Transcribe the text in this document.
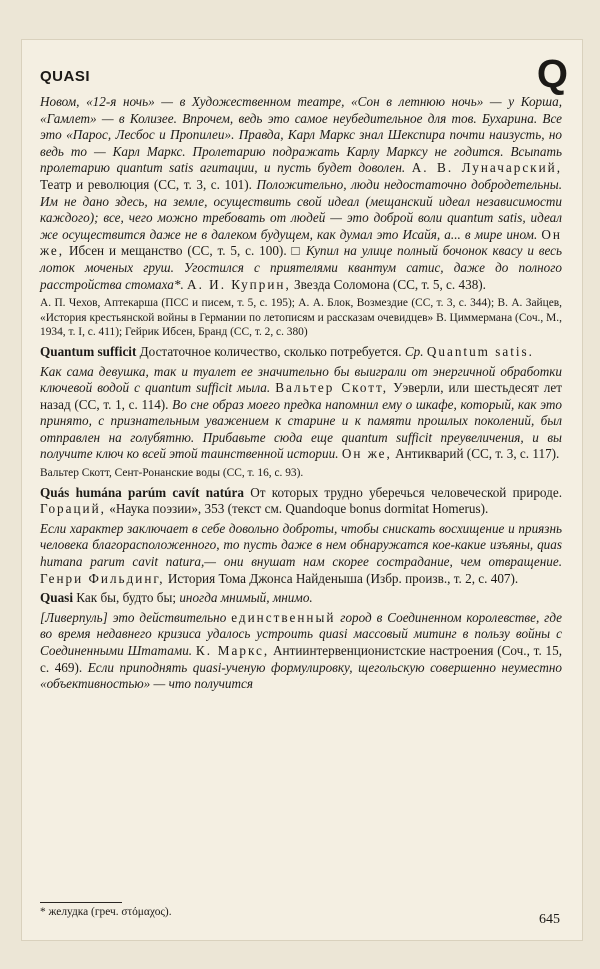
QUASI	Q

Новом, «12-я ночь» — в Художественном театре, «Сон в летнюю ночь» — у Корша, «Гамлет» — в Колизее. Впрочем, ведь это самое неубедительное для тов. Бухарина. Все это «Парос, Лесбос и Пропилеи». Правда, Карл Маркс знал Шекспира почти наизусть, но ведь то — Карл Маркс. Пролетарию подражать Карлу Марксу не годится. Всыпать пролетарию quantum satis агитации, и пусть будет доволен. А. В. Луначарский, Театр и революция (СС, т. 3, с. 101). Положительно, люди недостаточно добродетельны. Им не дано здесь, на земле, осуществить свой идеал (мещанский идеал независимости каждого); все, чего можно требовать от людей — это доброй воли quantum satis, идеал же осуществится даже не в далеком будущем, как думал это Исайя, а... в мире ином. Он же, Ибсен и мещанство (СС, т. 5, с. 100). □ Купил на улице полный бочонок квасу и весь лоток моченых груш. Угостился с приятелями квантум сатис, даже до полного расстройства стомаха*. А. И. Куприн, Звезда Соломона (СС, т. 5, с. 438).

А. П. Чехов, Аптекарша (ПСС и писем, т. 5, с. 195); А. А. Блок, Возмездие (СС, т. 3, с. 344); В. А. Зайцев, «История крестьянской войны в Германии по летописям и рассказам очевидцев» В. Циммермана (Соч., М., 1934, т. I, с. 411); Гейрик Ибсен, Бранд (СС, т. 2, с. 380)

Quantum sufficit Достаточное количество, сколько потребуется. Ср. Quantum satis.

Как сама девушка, так и туалет ее значительно бы выиграли от энергичной обработки ключевой водой с quantum sufficit мыла. Вальтер Скотт, Уэверли, или шестьдесят лет назад (СС, т. 1, с. 114). Во сне образ моего предка напомнил ему о шкафе, который, как это принято, с признательным уважением к старине и к памяти прошлых поколений, был отправлен на голубятню. Прибавьте сюда еще quantum sufficit преувеличения, и вы получите ключ ко всей этой таинственной истории. Он же, Антикварий (СС, т. 3, с. 117).

Вальтер Скотт, Сент-Ронанские воды (СС, т. 16, с. 93).

Quás humána parúm cavít natúra От которых трудно уберечься человеческой природе. Гораций, «Наука поэзии», 353 (текст см. Quandoque bonus dormitat Homerus).

Если характер заключает в себе довольно доброты, чтобы снискать восхищение и приязнь человека благорасположенного, то пусть даже в нем обнаружатся кое-какие изъяны, quas humana parum cavit natura,— они внушат нам скорее сострадание, чем отвращение. Генри Фильдинг, История Тома Джонса Найденыша (Избр. произв., т. 2, с. 407).

Quasi Как бы, будто бы; иногда мнимый, мнимо.

[Ливерпуль] это действительно единственный город в Соединенном королевстве, где во время недавнего кризиса удалось устроить quasi массовый митинг в пользу войны с Соединенными Штатами. К. Маркс, Антиинтервенционистские настроения (Соч., т. 15, с. 469). Если приподнять quasi-ученую формулировку, щегольскую совершенно неуместно «объективностью» — что получится

* желудка (греч. στόμαχος).	645
